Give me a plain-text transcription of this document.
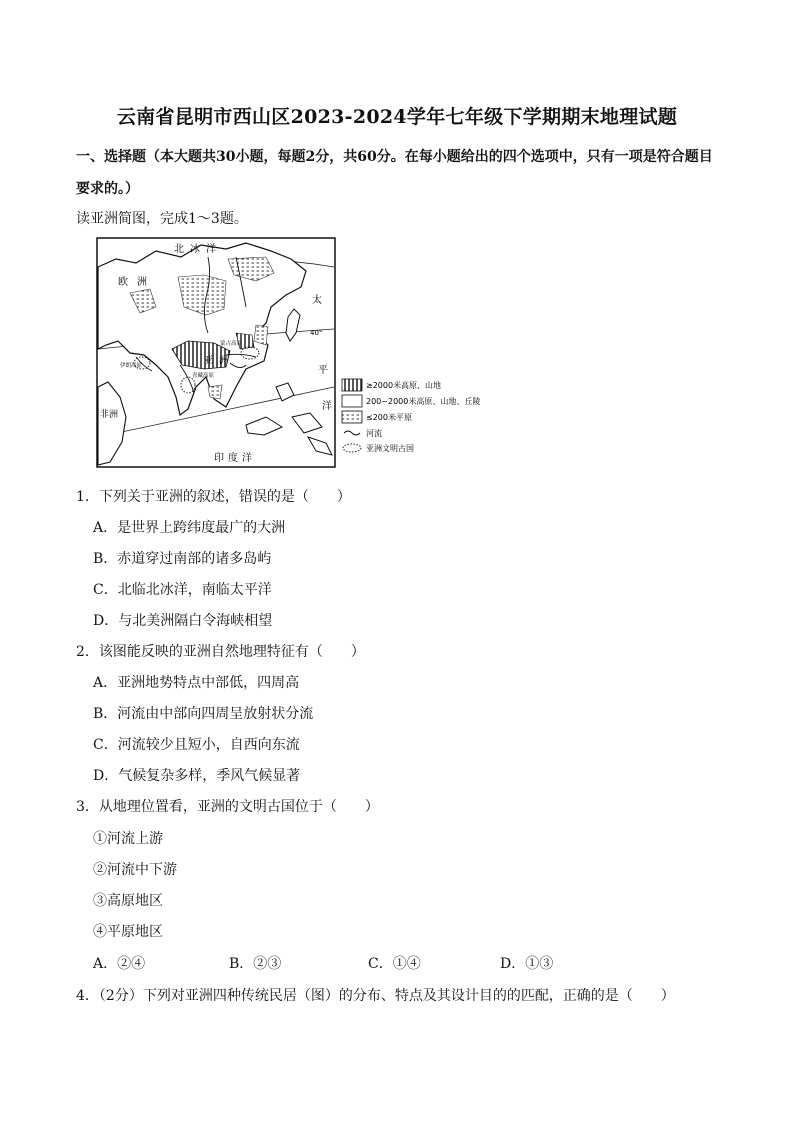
云南省昆明市西山区2023-2024学年七年级下学期期末地理试题
一、选择题（本大题共30小题，每题2分，共60分。在每小题给出的四个选项中，只有一项是符合题目
要求的。）
读亚洲简图，完成1～3题。
北冰洋
欧洲
太
平
洋
40°
亚洲
蒙古高原
伊朗高原
青藏高原
非洲
印度洋
≥2000米高原、山地
200~2000米高原、山地、丘陵
≤200米平原
河流
亚洲文明古国
1．下列关于亚洲的叙述，错误的是（　　）
A．是世界上跨纬度最广的大洲
B．赤道穿过南部的诸多岛屿
C．北临北冰洋，南临太平洋
D．与北美洲隔白令海峡相望
2．该图能反映的亚洲自然地理特征有（　　）
A．亚洲地势特点中部低，四周高
B．河流由中部向四周呈放射状分流
C．河流较少且短小，自西向东流
D．气候复杂多样，季风气候显著
3．从地理位置看，亚洲的文明古国位于（　　）
①河流上游
②河流中下游
③高原地区
④平原地区
A．②④	B．②③	C．①④	D．①③
4．（2分）下列对亚洲四种传统民居（图）的分布、特点及其设计目的的匹配，正确的是（　　）
